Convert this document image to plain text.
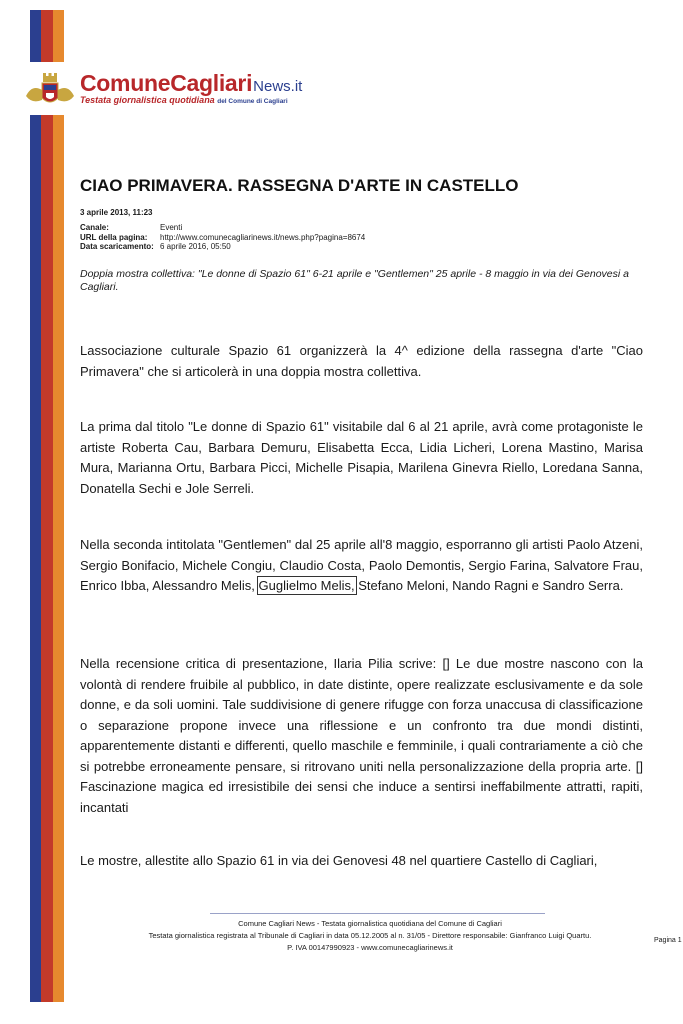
ComuneCagliari News.it
Testata giornalistica quotidiana del Comune di Cagliari
CIAO PRIMAVERA. RASSEGNA D'ARTE IN CASTELLO
3 aprile 2013, 11:23
Canale:	Eventi
URL della pagina:	http://www.comunecagliarinews.it/news.php?pagina=8674
Data scaricamento: 6 aprile 2016, 05:50
Doppia mostra collettiva: "Le donne di Spazio 61" 6-21 aprile e "Gentlemen" 25 aprile - 8 maggio in via dei Genovesi a Cagliari.
Lassociazione culturale Spazio 61 organizzerà la 4^ edizione della rassegna d'arte "Ciao Primavera" che si articolerà in una doppia mostra collettiva.
La prima dal titolo "Le donne di Spazio 61" visitabile dal 6 al 21 aprile, avrà come protagoniste le artiste Roberta Cau, Barbara Demuru, Elisabetta Ecca, Lidia Licheri, Lorena Mastino, Marisa Mura, Marianna Ortu, Barbara Picci, Michelle Pisapia, Marilena Ginevra Riello, Loredana Sanna, Donatella Sechi e Jole Serreli.
Nella seconda intitolata "Gentlemen" dal 25 aprile all'8 maggio, esporranno gli artisti Paolo Atzeni, Sergio Bonifacio, Michele Congiu, Claudio Costa, Paolo Demontis, Sergio Farina, Salvatore Frau, Enrico Ibba, Alessandro Melis, Guglielmo Melis, Stefano Meloni, Nando Ragni e Sandro Serra.
Nella recensione critica di presentazione, Ilaria Pilia scrive: [] Le due mostre nascono con la volontà di rendere fruibile al pubblico, in date distinte, opere realizzate esclusivamente e da sole donne, e da soli uomini. Tale suddivisione di genere rifugge con forza unaccusa di classificazione o separazione propone invece una riflessione e un confronto tra due mondi distinti, apparentemente distanti e differenti, quello maschile e femminile, i quali contrariamente a ciò che si potrebbe erroneamente pensare, si ritrovano uniti nella personalizzazione della propria arte. [] Fascinazione magica ed irresistibile dei sensi che induce a sentirsi ineffabilmente attratti, rapiti, incantati
Le mostre, allestite allo Spazio 61 in via dei Genovesi 48 nel quartiere Castello di Cagliari,
Comune Cagliari News - Testata giornalistica quotidiana del Comune di Cagliari
Testata giornalistica registrata al Tribunale di Cagliari in data 05.12.2005 al n. 31/05 - Direttore responsabile: Gianfranco Luigi Quartu.
P. IVA 00147990923 - www.comunecagliarinews.it
Pagina 1
